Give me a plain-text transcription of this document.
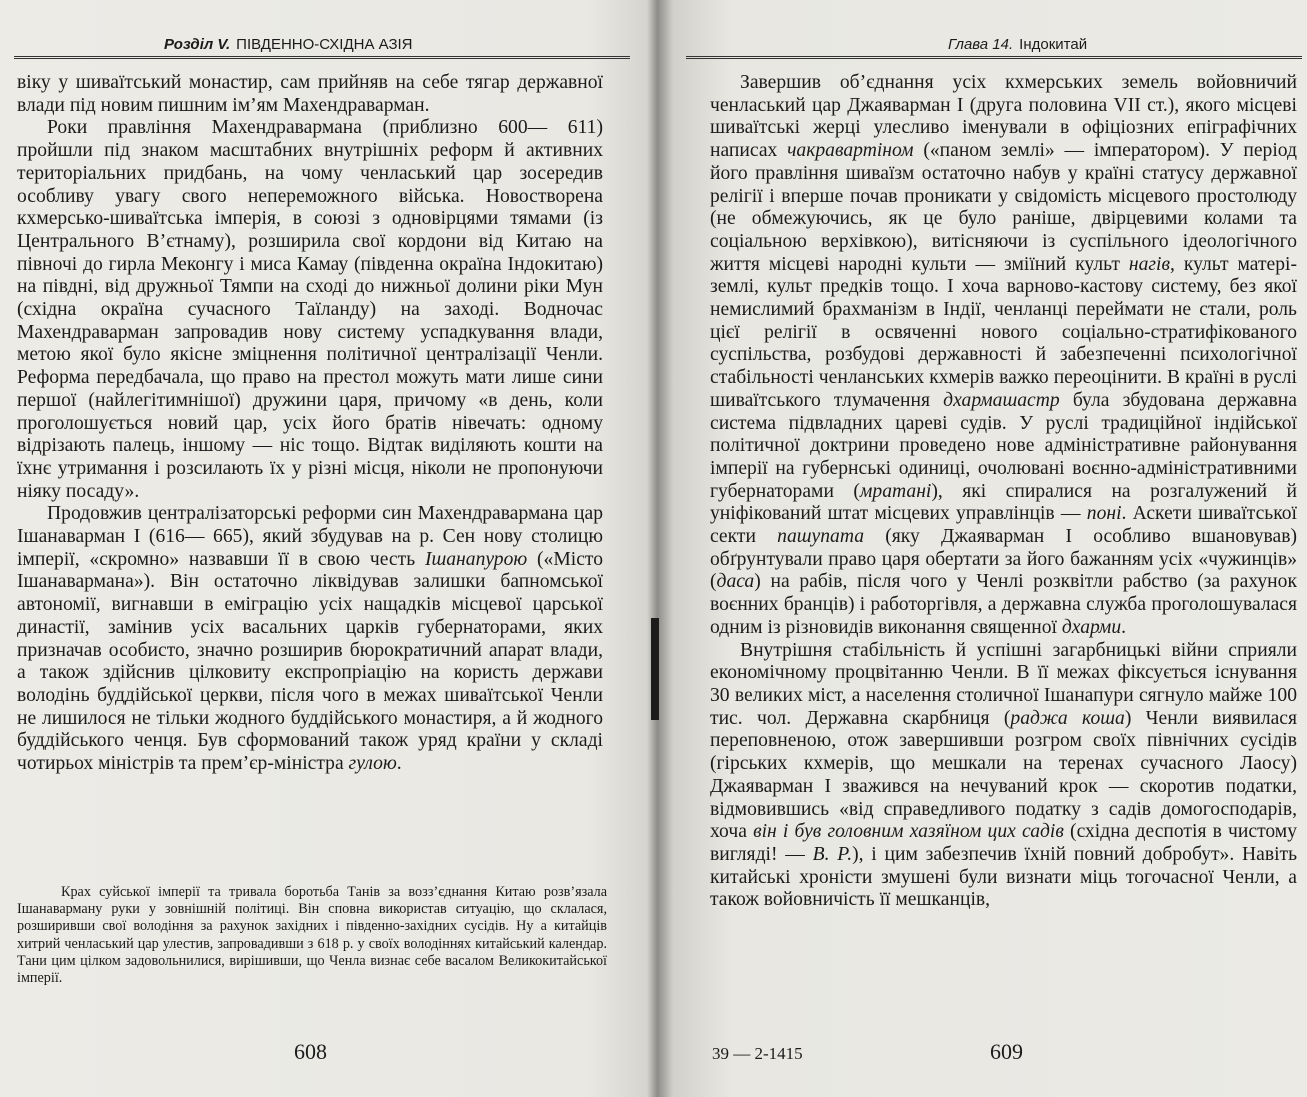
Розділ V. ПІВДЕННО-СХІДНА АЗІЯ

віку у шиваїтський монастир, сам прийняв на себе тягар державної влади під новим пишним ім’ям Махендраварман.

Роки правління Махендравармана (приблизно 600— 611) пройшли під знаком масштабних внутрішніх реформ й активних територіальних придбань, на чому ченласький цар зосередив особливу увагу свого непереможного війська. Новостворена кхмерсько-шиваїтська імперія, в союзі з одновірцями тямами (із Центрального В’єтнаму), розширила свої кордони від Китаю на півночі до гирла Меконгу і миса Камау (південна окраїна Індокитаю) на півдні, від дружньої Тямпи на сході до нижньої долини ріки Мун (східна окраїна сучасного Таїланду) на заході. Водночас Махендраварман запровадив нову систему успадкування влади, метою якої було якісне зміцнення політичної централізації Ченли. Реформа передбачала, що право на престол можуть мати лише сини першої (найлегітимнішої) дружини царя, причому «в день, коли проголошується новий цар, усіх його братів нівечать: одному відрізають палець, іншому — ніс тощо. Відтак виділяють кошти на їхнє утримання і розсилають їх у різні місця, ніколи не пропонуючи ніяку посаду».

Продовжив централізаторські реформи син Махендравармана цар Ішанаварман I (616— 665), який збудував на р. Сен нову столицю імперії, «скромно» назвавши її в свою честь Ішанапурою («Місто Ішанавармана»). Він остаточно ліквідував залишки бапномської автономії, вигнавши в еміграцію усіх нащадків місцевої царської династії, замінив усіх васальних царків губернаторами, яких призначав особисто, значно розширив бюрократичний апарат влади, а також здійснив цілковиту експропріацію на користь держави володінь буддійської церкви, після чого в межах шиваїтської Ченли не лишилося не тільки жодного буддійського монастиря, а й жодного буддійського ченця. Був сформований також уряд країни у складі чотирьох міністрів та прем’єр-міністра гулою.

Крах суйської імперії та тривала боротьба Танів за возз’єднання Китаю розв’язала Ішанаварману руки у зовнішній політиці. Він сповна використав ситуацію, що склалася, розширивши свої володіння за рахунок західних і південно-західних сусідів. Ну а китайців хитрий ченласький цар улестив, запровадивши з 618 р. у своїх володіннях китайський календар. Тани цим цілком задовольнилися, вирішивши, що Ченла визнає себе васалом Великокитайської імперії.

608
Глава 14. Індокитай

Завершив об’єднання усіх кхмерських земель войовничий ченласький цар Джаяварман I (друга половина VII ст.), якого місцеві шиваїтські жерці улесливо іменували в офіціозних епіграфічних написах чакравартіном («паном землі» — імператором). У період його правління шиваїзм остаточно набув у країні статусу державної релігії і вперше почав проникати у свідомість місцевого простолюду (не обмежуючись, як це було раніше, двірцевими колами та соціальною верхівкою), витісняючи із суспільного ідеологічного життя місцеві народні культи — зміїний культ нагів, культ матері-землі, культ предків тощо. І хоча варново-кастову систему, без якої немислимий брахманізм в Індії, ченланці переймати не стали, роль цієї релігії в освяченні нового соціально-стратифікованого суспільства, розбудові державності й забезпеченні психологічної стабільності ченланських кхмерів важко переоцінити. В країні в руслі шиваїтського тлумачення дхармашастр була збудована державна система підвладних цареві судів. У руслі традиційної індійської політичної доктрини проведено нове адміністративне районування імперії на губернські одиниці, очолювані воєнно-адміністративними губернаторами (мратані), які спиралися на розгалужений й уніфікований штат місцевих управлінців — поні. Аскети шиваїтської секти пашупата (яку Джаяварман I особливо вшановував) обґрунтували право царя обертати за його бажанням усіх «чужинців» (даса) на рабів, після чого у Ченлі розквітли рабство (за рахунок воєнних бранців) і работоргівля, а державна служба проголошувалася одним із різновидів виконання священної дхарми.

Внутрішня стабільність й успішні загарбницькі війни сприяли економічному процвітанню Ченли. В її межах фіксується існування 30 великих міст, а населення столичної Ішанапури сягнуло майже 100 тис. чол. Державна скарбниця (раджа коша) Ченли виявилася переповненою, отож завершивши розгром своїх північних сусідів (гірських кхмерів, що мешкали на теренах сучасного Лаосу) Джаяварман I зважився на нечуваний крок — скоротив податки, відмовившись «від справедливого податку з садів домогосподарів, хоча він і був головним хазяїном цих садів (східна деспотія в чистому вигляді! — В. Р.), і цим забезпечив їхній повний добробут». Навіть китайські хроністи змушені були визнати міць тогочасної Ченли, а також войовничість її мешканців,

39 — 2-1415	609
